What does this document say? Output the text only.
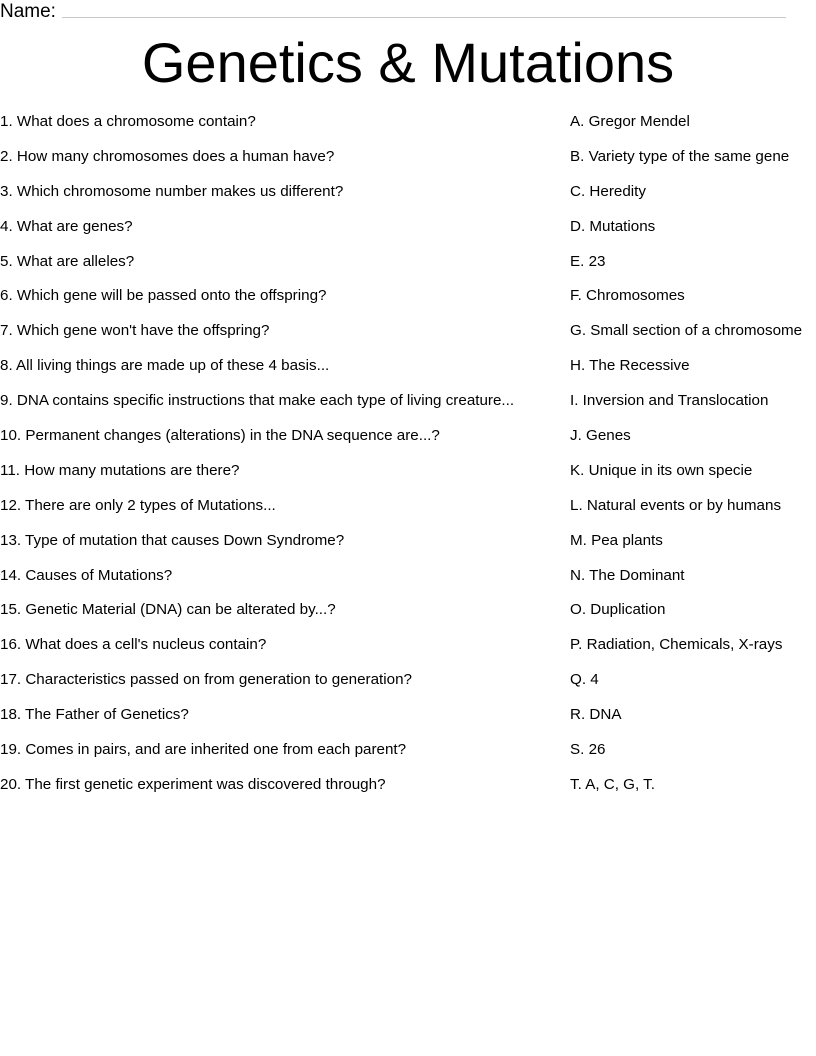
Name:
Genetics & Mutations
1. What does a chromosome contain?
2. How many chromosomes does a human have?
3. Which chromosome number makes us different?
4. What are genes?
5. What are alleles?
6. Which gene will be passed onto the offspring?
7. Which gene won't have the offspring?
8. All living things are made up of these 4 basis...
9. DNA contains specific instructions that make each type of living creature...
10. Permanent changes (alterations) in the DNA sequence are...?
11. How many mutations are there?
12. There are only 2 types of Mutations...
13. Type of mutation that causes Down Syndrome?
14. Causes of Mutations?
15. Genetic Material (DNA) can be alterated by...?
16. What does a cell's nucleus contain?
17. Characteristics passed on from generation to generation?
18. The Father of Genetics?
19. Comes in pairs, and are inherited one from each parent?
20. The first genetic experiment was discovered through?
A. Gregor Mendel
B. Variety type of the same gene
C. Heredity
D. Mutations
E. 23
F. Chromosomes
G. Small section of a chromosome
H. The Recessive
I. Inversion and Translocation
J. Genes
K. Unique in its own specie
L. Natural events or by humans
M. Pea plants
N. The Dominant
O. Duplication
P. Radiation, Chemicals, X-rays
Q. 4
R. DNA
S. 26
T. A, C, G, T.
